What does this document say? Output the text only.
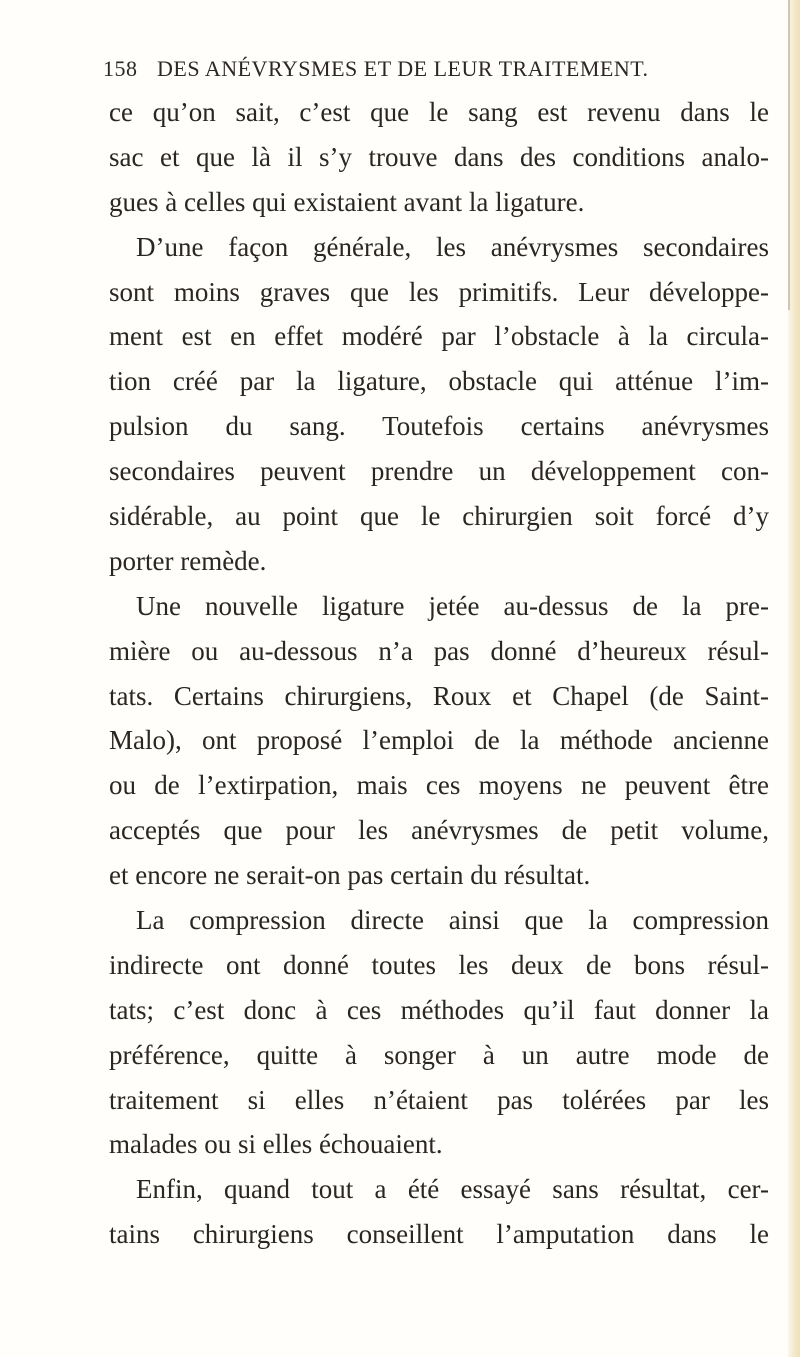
158 DES ANÉVRYSMES ET DE LEUR TRAITEMENT.
ce qu’on sait, c’est que le sang est revenu dans le
sac et que là il s’y trouve dans des conditions analo-
gues à celles qui existaient avant la ligature.
D’une façon générale, les anévrysmes secondaires
sont moins graves que les primitifs. Leur développe-
ment est en effet modéré par l’obstacle à la circula-
tion créé par la ligature, obstacle qui atténue l’im-
pulsion du sang. Toutefois certains anévrysmes
secondaires peuvent prendre un développement con-
sidérable, au point que le chirurgien soit forcé d’y
porter remède.
Une nouvelle ligature jetée au-dessus de la pre-
mière ou au-dessous n’a pas donné d’heureux résul-
tats. Certains chirurgiens, Roux et Chapel (de Saint-
Malo), ont proposé l’emploi de la méthode ancienne
ou de l’extirpation, mais ces moyens ne peuvent être
acceptés que pour les anévrysmes de petit volume,
et encore ne serait-on pas certain du résultat.
La compression directe ainsi que la compression
indirecte ont donné toutes les deux de bons résul-
tats; c’est donc à ces méthodes qu’il faut donner la
préférence, quitte à songer à un autre mode de
traitement si elles n’étaient pas tolérées par les
malades ou si elles échouaient.
Enfin, quand tout a été essayé sans résultat, cer-
tains chirurgiens conseillent l’amputation dans le
